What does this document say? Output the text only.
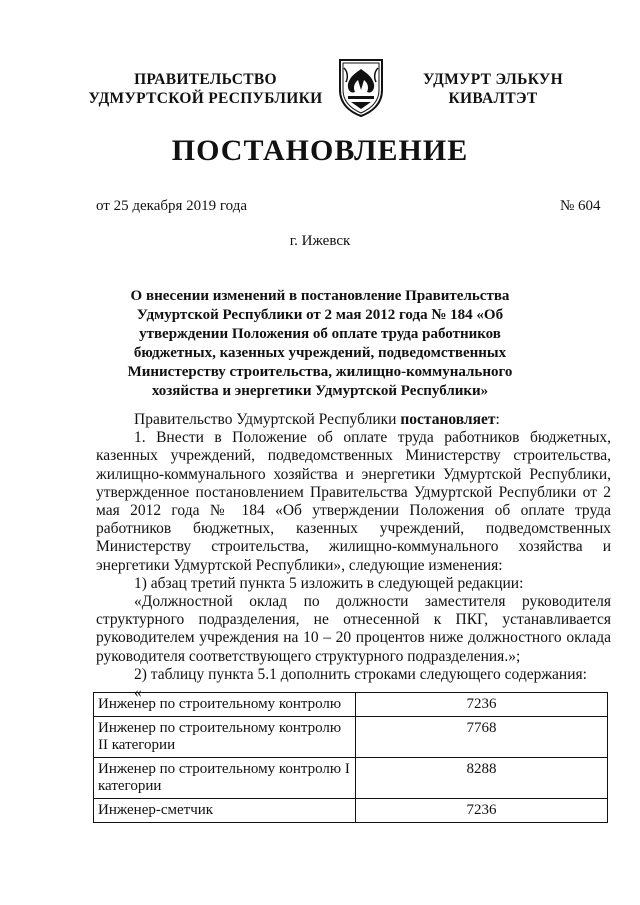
ПРАВИТЕЛЬСТВО
УДМУРТСКОЙ РЕСПУБЛИКИ
УДМУРТ ЭЛЬКУН
КИВАЛТЭТ
ПОСТАНОВЛЕНИЕ
от 25 декабря 2019 года	№ 604
г. Ижевск
О внесении изменений в постановление Правительства Удмуртской Республики от 2 мая 2012 года № 184 «Об утверждении Положения об оплате труда работников бюджетных, казенных учреждений, подведомственных Министерству строительства, жилищно-коммунального хозяйства и энергетики Удмуртской Республики»

Правительство Удмуртской Республики постановляет:

1. Внести в Положение об оплате труда работников бюджетных, казенных учреждений, подведомственных Министерству строительства, жилищно-коммунального хозяйства и энергетики Удмуртской Республики, утвержденное постановлением Правительства Удмуртской Республики от 2 мая 2012 года № 184 «Об утверждении Положения об оплате труда работников бюджетных, казенных учреждений, подведомственных Министерству строительства, жилищно-коммунального хозяйства и энергетики Удмуртской Республики», следующие изменения:

1) абзац третий пункта 5 изложить в следующей редакции:

«Должностной оклад по должности заместителя руководителя структурного подразделения, не отнесенной к ПКГ, устанавливается руководителем учреждения на 10 – 20 процентов ниже должностного оклада руководителя соответствующего структурного подразделения.»;

2) таблицу пункта 5.1 дополнить строками следующего содержания:

«

Инженер по строительному контролю	7236
Инженер по строительному контролю II категории	7768
Инженер по строительному контролю I категории	8288
Инженер-сметчик	7236
